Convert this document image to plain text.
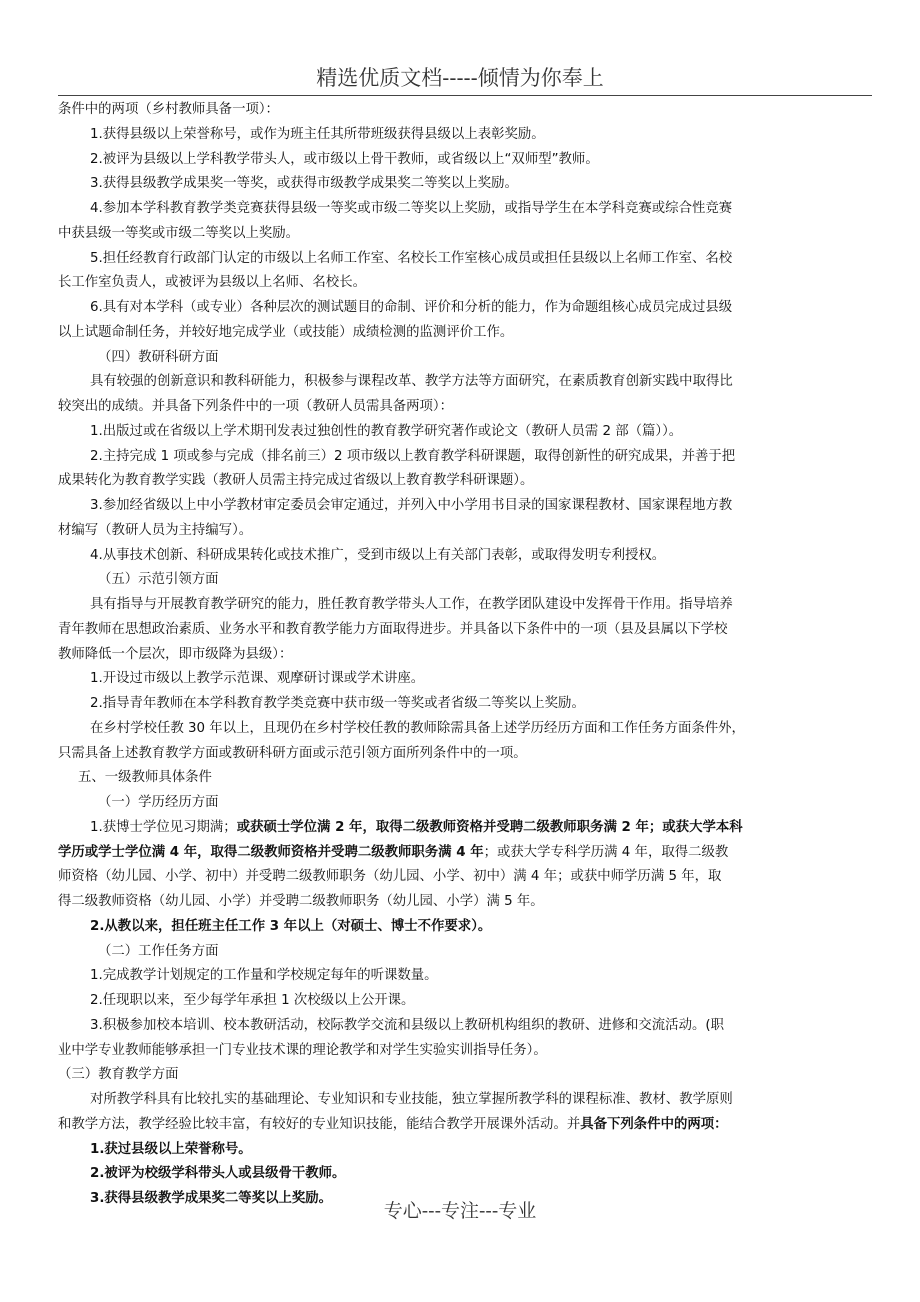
精选优质文档-----倾情为你奉上
条件中的两项（乡村教师具备一项）：
1.获得县级以上荣誉称号，或作为班主任其所带班级获得县级以上表彰奖励。
2.被评为县级以上学科教学带头人，或市级以上骨干教师，或省级以上“双师型”教师。
3.获得县级教学成果奖一等奖，或获得市级教学成果奖二等奖以上奖励。
4.参加本学科教育教学类竞赛获得县级一等奖或市级二等奖以上奖励，或指导学生在本学科竞赛或综合性竞赛
中获县级一等奖或市级二等奖以上奖励。
5.担任经教育行政部门认定的市级以上名师工作室、名校长工作室核心成员或担任县级以上名师工作室、名校
长工作室负责人，或被评为县级以上名师、名校长。
6.具有对本学科（或专业）各种层次的测试题目的命制、评价和分析的能力，作为命题组核心成员完成过县级
以上试题命制任务，并较好地完成学业（或技能）成绩检测的监测评价工作。
（四）教研科研方面
具有较强的创新意识和教科研能力，积极参与课程改革、教学方法等方面研究，在素质教育创新实践中取得比
较突出的成绩。并具备下列条件中的一项（教研人员需具备两项）：
1.出版过或在省级以上学术期刊发表过独创性的教育教学研究著作或论文（教研人员需 2 部（篇））。
2.主持完成 1 项或参与完成（排名前三）2 项市级以上教育教学科研课题，取得创新性的研究成果，并善于把
成果转化为教育教学实践（教研人员需主持完成过省级以上教育教学科研课题）。
3.参加经省级以上中小学教材审定委员会审定通过，并列入中小学用书目录的国家课程教材、国家课程地方教
材编写（教研人员为主持编写）。
4.从事技术创新、科研成果转化或技术推广，受到市级以上有关部门表彰，或取得发明专利授权。
（五）示范引领方面
具有指导与开展教育教学研究的能力，胜任教育教学带头人工作，在教学团队建设中发挥骨干作用。指导培养
青年教师在思想政治素质、业务水平和教育教学能力方面取得进步。并具备以下条件中的一项（县及县属以下学校
教师降低一个层次，即市级降为县级）：
1.开设过市级以上教学示范课、观摩研讨课或学术讲座。
2.指导青年教师在本学科教育教学类竞赛中获市级一等奖或者省级二等奖以上奖励。
在乡村学校任教 30 年以上，且现仍在乡村学校任教的教师除需具备上述学历经历方面和工作任务方面条件外，
只需具备上述教育教学方面或教研科研方面或示范引领方面所列条件中的一项。
五、一级教师具体条件
（一）学历经历方面
1.获博士学位见习期满；或获硕士学位满 2 年，取得二级教师资格并受聘二级教师职务满 2 年；或获大学本科
学历或学士学位满 4 年，取得二级教师资格并受聘二级教师职务满 4 年；或获大学专科学历满 4 年，取得二级教
师资格（幼儿园、小学、初中）并受聘二级教师职务（幼儿园、小学、初中）满 4 年；或获中师学历满 5 年，取
得二级教师资格（幼儿园、小学）并受聘二级教师职务（幼儿园、小学）满 5 年。
2.从教以来，担任班主任工作 3 年以上（对硕士、博士不作要求）。
（二）工作任务方面
1.完成教学计划规定的工作量和学校规定每年的听课数量。
2.任现职以来，至少每学年承担 1 次校级以上公开课。
3.积极参加校本培训、校本教研活动，校际教学交流和县级以上教研机构组织的教研、进修和交流活动。(职
业中学专业教师能够承担一门专业技术课的理论教学和对学生实验实训指导任务）。
（三）教育教学方面
对所教学科具有比较扎实的基础理论、专业知识和专业技能，独立掌握所教学科的课程标准、教材、教学原则
和教学方法，教学经验比较丰富，有较好的专业知识技能，能结合教学开展课外活动。并具备下列条件中的两项：
1.获过县级以上荣誉称号。
2.被评为校级学科带头人或县级骨干教师。
3.获得县级教学成果奖二等奖以上奖励。
专心---专注---专业
